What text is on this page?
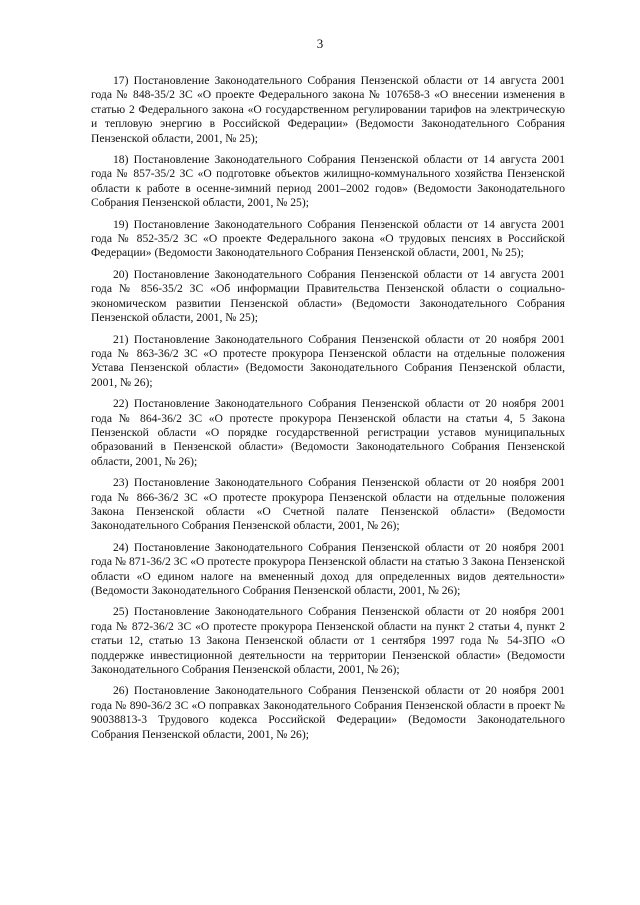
3

17) Постановление Законодательного Собрания Пензенской области от 14 августа 2001 года № 848-35/2 ЗС «О проекте Федерального закона № 107658-3 «О внесении изменения в статью 2 Федерального закона «О государственном регулировании тарифов на электрическую и тепловую энергию в Российской Федерации» (Ведомости Законодательного Собрания Пензенской области, 2001, № 25);

18) Постановление Законодательного Собрания Пензенской области от 14 августа 2001 года № 857-35/2 ЗС «О подготовке объектов жилищно-коммунального хозяйства Пензенской области к работе в осенне-зимний период 2001–2002 годов» (Ведомости Законодательного Собрания Пензенской области, 2001, № 25);

19) Постановление Законодательного Собрания Пензенской области от 14 августа 2001 года № 852-35/2 ЗС «О проекте Федерального закона «О трудовых пенсиях в Российской Федерации» (Ведомости Законодательного Собрания Пензенской области, 2001, № 25);

20) Постановление Законодательного Собрания Пензенской области от 14 августа 2001 года № 856-35/2 ЗС «Об информации Правительства Пензенской области о социально-экономическом развитии Пензенской области» (Ведомости Законодательного Собрания Пензенской области, 2001, № 25);

21) Постановление Законодательного Собрания Пензенской области от 20 ноября 2001 года № 863-36/2 ЗС «О протесте прокурора Пензенской области на отдельные положения Устава Пензенской области» (Ведомости Законодательного Собрания Пензенской области, 2001, № 26);

22) Постановление Законодательного Собрания Пензенской области от 20 ноября 2001 года № 864-36/2 ЗС «О протесте прокурора Пензенской области на статьи 4, 5 Закона Пензенской области «О порядке государственной регистрации уставов муниципальных образований в Пензенской области» (Ведомости Законодательного Собрания Пензенской области, 2001, № 26);

23) Постановление Законодательного Собрания Пензенской области от 20 ноября 2001 года № 866-36/2 ЗС «О протесте прокурора Пензенской области на отдельные положения Закона Пензенской области «О Счетной палате Пензенской области» (Ведомости Законодательного Собрания Пензенской области, 2001, № 26);

24) Постановление Законодательного Собрания Пензенской области от 20 ноября 2001 года № 871-36/2 ЗС «О протесте прокурора Пензенской области на статью 3 Закона Пензенской области «О едином налоге на вмененный доход для определенных видов деятельности» (Ведомости Законодательного Собрания Пензенской области, 2001, № 26);

25) Постановление Законодательного Собрания Пензенской области от 20 ноября 2001 года № 872-36/2 ЗС «О протесте прокурора Пензенской области на пункт 2 статьи 4, пункт 2 статьи 12, статью 13 Закона Пензенской области от 1 сентября 1997 года № 54-ЗПО «О поддержке инвестиционной деятельности на территории Пензенской области» (Ведомости Законодательного Собрания Пензенской области, 2001, № 26);

26) Постановление Законодательного Собрания Пензенской области от 20 ноября 2001 года № 890-36/2 ЗС «О поправках Законодательного Собрания Пензенской области в проект № 90038813-3 Трудового кодекса Российской Федерации» (Ведомости Законодательного Собрания Пензенской области, 2001, № 26);
